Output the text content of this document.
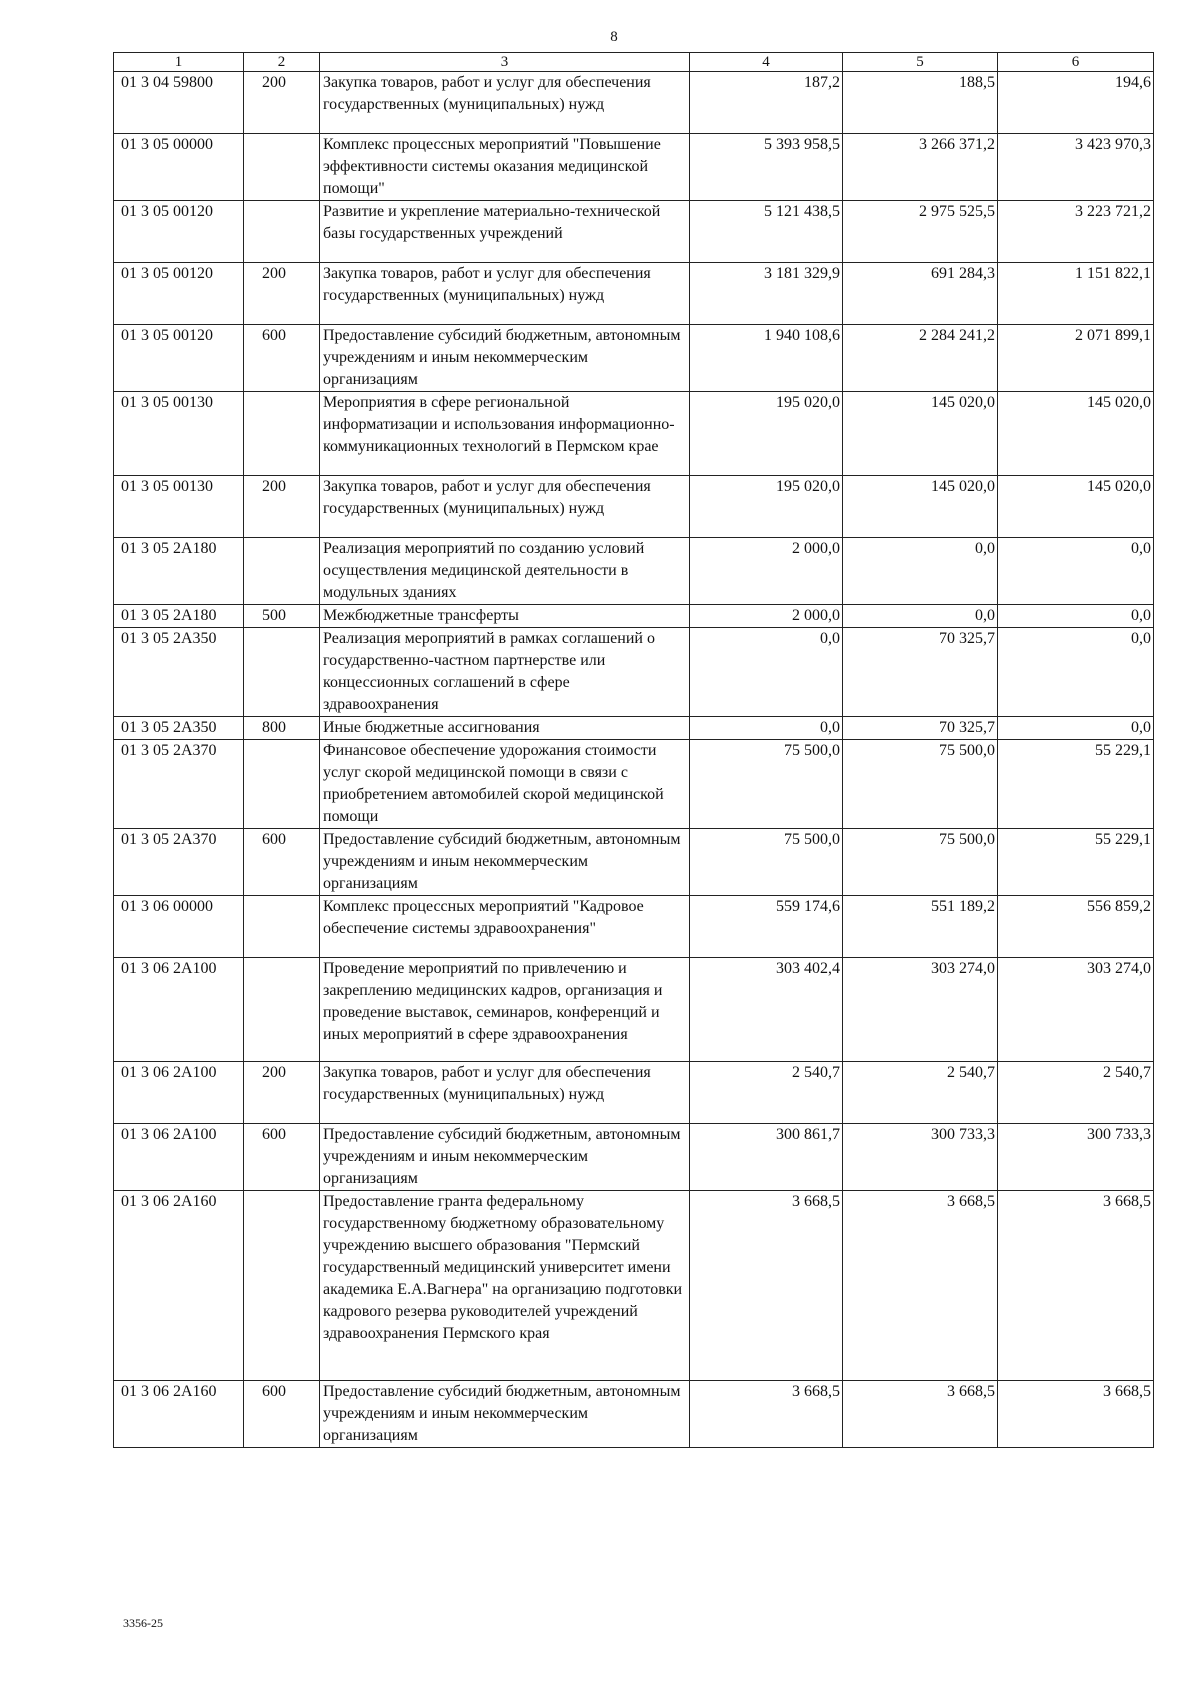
8
1	2	3	4	5	6
01 3 04 59800	200	Закупка товаров, работ и услуг для обеспечения государственных (муниципальных) нужд	187,2	188,5	194,6
01 3 05 00000		Комплекс процессных мероприятий "Повышение эффективности системы оказания медицинской помощи"	5 393 958,5	3 266 371,2	3 423 970,3
01 3 05 00120		Развитие и укрепление материально-технической базы государственных учреждений	5 121 438,5	2 975 525,5	3 223 721,2
01 3 05 00120	200	Закупка товаров, работ и услуг для обеспечения государственных (муниципальных) нужд	3 181 329,9	691 284,3	1 151 822,1
01 3 05 00120	600	Предоставление субсидий бюджетным, автономным учреждениям и иным некоммерческим организациям	1 940 108,6	2 284 241,2	2 071 899,1
01 3 05 00130		Мероприятия в сфере региональной информатизации и использования информационно-коммуникационных технологий в Пермском крае	195 020,0	145 020,0	145 020,0
01 3 05 00130	200	Закупка товаров, работ и услуг для обеспечения государственных (муниципальных) нужд	195 020,0	145 020,0	145 020,0
01 3 05 2А180		Реализация мероприятий по созданию условий осуществления медицинской деятельности в модульных зданиях	2 000,0	0,0	0,0
01 3 05 2А180	500	Межбюджетные трансферты	2 000,0	0,0	0,0
01 3 05 2А350		Реализация мероприятий в рамках соглашений о государственно-частном партнерстве или концессионных соглашений в сфере здравоохранения	0,0	70 325,7	0,0
01 3 05 2А350	800	Иные бюджетные ассигнования	0,0	70 325,7	0,0
01 3 05 2А370		Финансовое обеспечение удорожания стоимости услуг скорой медицинской помощи в связи с приобретением автомобилей скорой медицинской помощи	75 500,0	75 500,0	55 229,1
01 3 05 2А370	600	Предоставление субсидий бюджетным, автономным учреждениям и иным некоммерческим организациям	75 500,0	75 500,0	55 229,1
01 3 06 00000		Комплекс процессных мероприятий "Кадровое обеспечение системы здравоохранения"	559 174,6	551 189,2	556 859,2
01 3 06 2А100		Проведение мероприятий по привлечению и закреплению медицинских кадров, организация и проведение выставок, семинаров, конференций и иных мероприятий в сфере здравоохранения	303 402,4	303 274,0	303 274,0
01 3 06 2А100	200	Закупка товаров, работ и услуг для обеспечения государственных (муниципальных) нужд	2 540,7	2 540,7	2 540,7
01 3 06 2А100	600	Предоставление субсидий бюджетным, автономным учреждениям и иным некоммерческим организациям	300 861,7	300 733,3	300 733,3
01 3 06 2А160		Предоставление гранта федеральному государственному бюджетному образовательному учреждению высшего образования "Пермский государственный медицинский университет имени академика Е.А.Вагнера" на организацию подготовки кадрового резерва руководителей учреждений здравоохранения Пермского края	3 668,5	3 668,5	3 668,5
01 3 06 2А160	600	Предоставление субсидий бюджетным, автономным учреждениям и иным некоммерческим организациям	3 668,5	3 668,5	3 668,5
3356-25
